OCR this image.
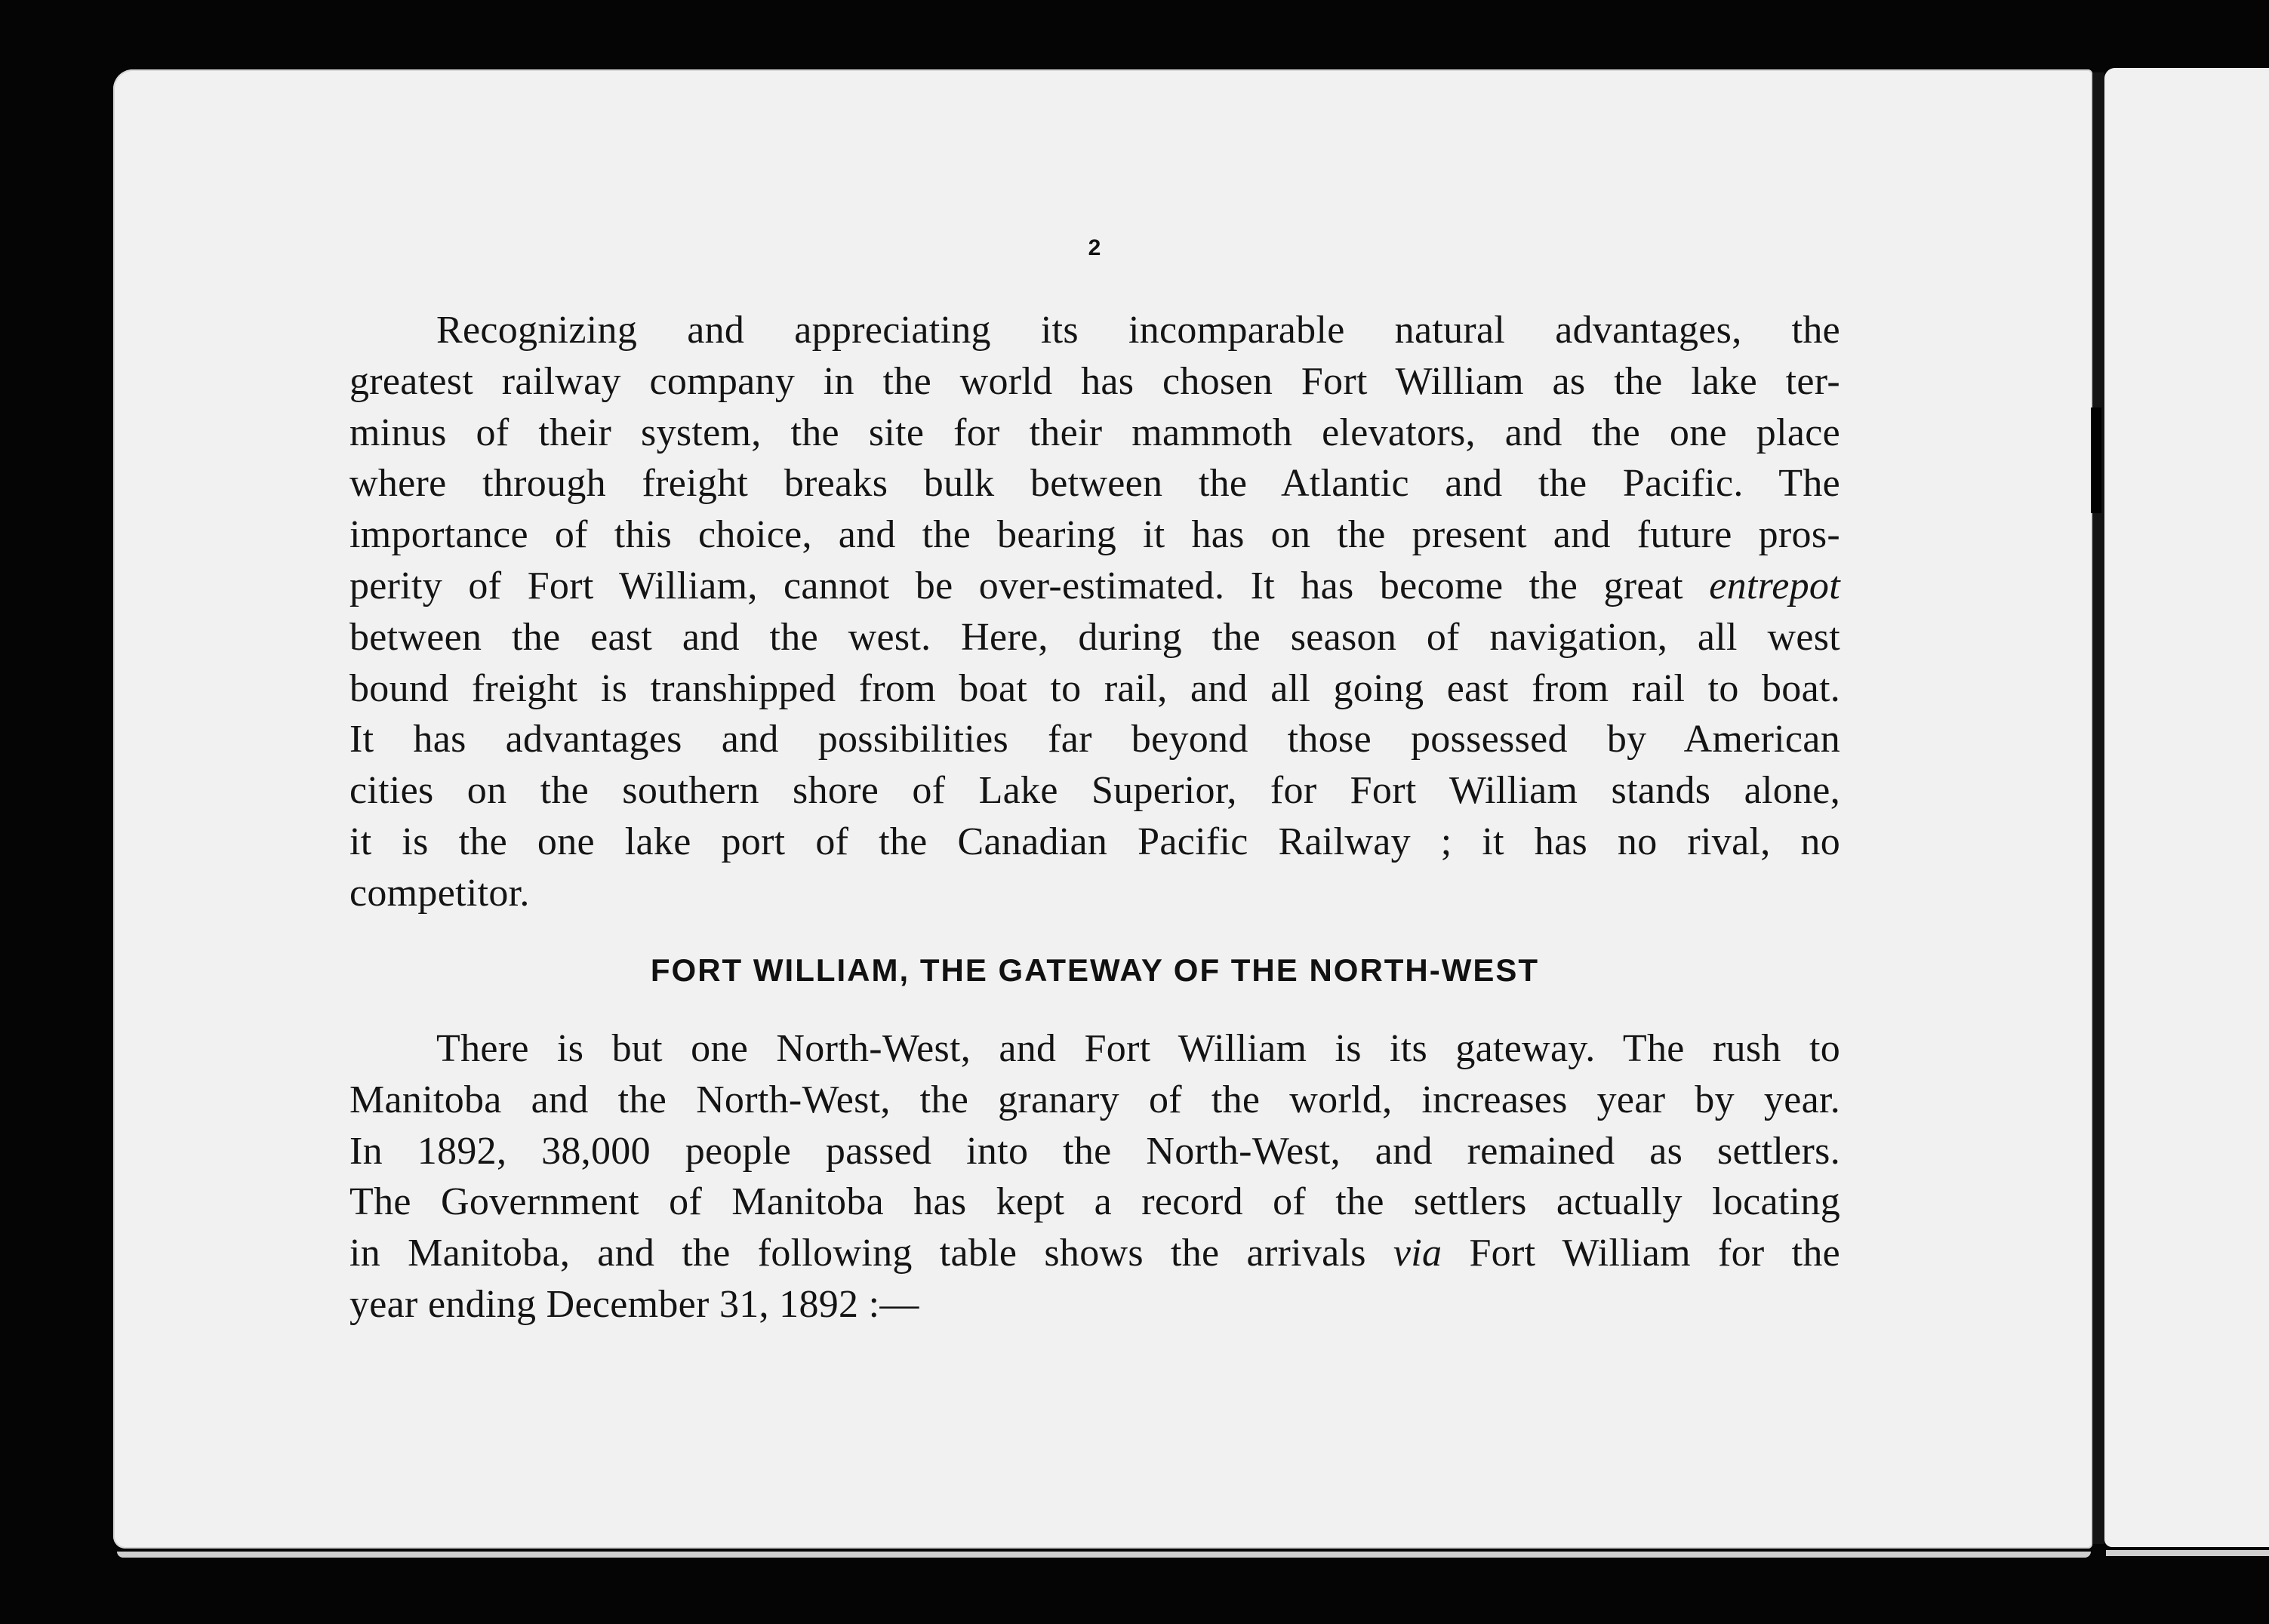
2

Recognizing and appreciating its incomparable natural advantages, the
greatest railway company in the world has chosen Fort William as the lake ter-
minus of their system, the site for their mammoth elevators, and the one place
where through freight breaks bulk between the Atlantic and the Pacific. The
importance of this choice, and the bearing it has on the present and future pros-
perity of Fort William, cannot be over-estimated. It has become the great entrepot
between the east and the west. Here, during the season of navigation, all west
bound freight is transhipped from boat to rail, and all going east from rail to boat.
It has advantages and possibilities far beyond those possessed by American
cities on the southern shore of Lake Superior, for Fort William stands alone,
it is the one lake port of the Canadian Pacific Railway ; it has no rival, no
competitor.

FORT WILLIAM, THE GATEWAY OF THE NORTH-WEST

There is but one North-West, and Fort William is its gateway. The rush to
Manitoba and the North-West, the granary of the world, increases year by year.
In 1892, 38,000 people passed into the North-West, and remained as settlers.
The Government of Manitoba has kept a record of the settlers actually locating
in Manitoba, and the following table shows the arrivals via Fort William for the
year ending December 31, 1892 :—
